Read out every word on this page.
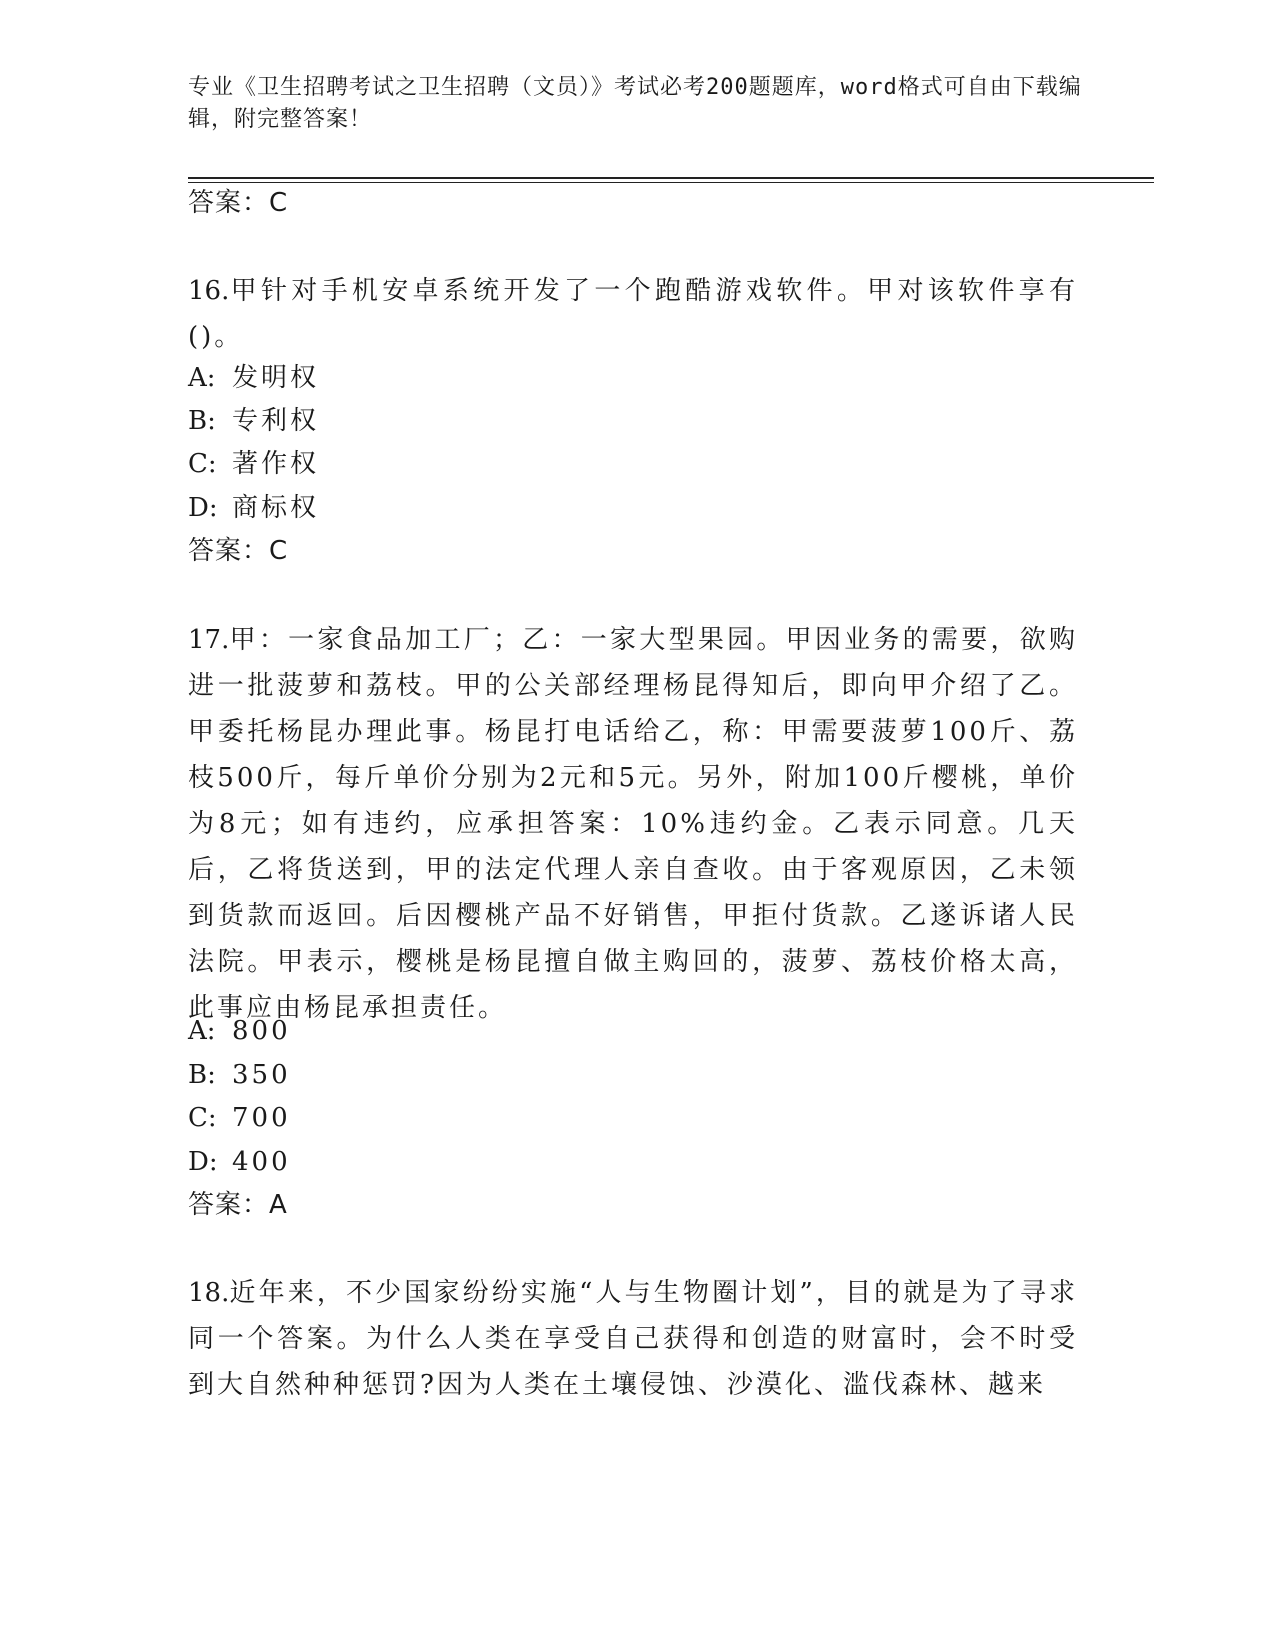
专业《卫生招聘考试之卫生招聘（文员）》考试必考200题题库，word格式可自由下载编辑，附完整答案！
答案：C
16.甲针对手机安卓系统开发了一个跑酷游戏软件。甲对该软件享有()。
A: 发明权
B: 专利权
C: 著作权
D: 商标权
答案：C
17.甲：一家食品加工厂；乙：一家大型果园。甲因业务的需要，欲购进一批菠萝和荔枝。甲的公关部经理杨昆得知后，即向甲介绍了乙。甲委托杨昆办理此事。杨昆打电话给乙，称：甲需要菠萝100斤、荔枝500斤，每斤单价分别为2元和5元。另外，附加100斤樱桃，单价为8元；如有违约，应承担答案：10%违约金。乙表示同意。几天后，乙将货送到，甲的法定代理人亲自查收。由于客观原因，乙未领到货款而返回。后因樱桃产品不好销售，甲拒付货款。乙遂诉诸人民法院。甲表示，樱桃是杨昆擅自做主购回的，菠萝、荔枝价格太高，此事应由杨昆承担责任。
A: 800
B: 350
C: 700
D: 400
答案：A
18.近年来，不少国家纷纷实施“人与生物圈计划”，目的就是为了寻求同一个答案。为什么人类在享受自己获得和创造的财富时，会不时受到大自然种种惩罚?因为人类在土壤侵蚀、沙漠化、滥伐森林、越来
